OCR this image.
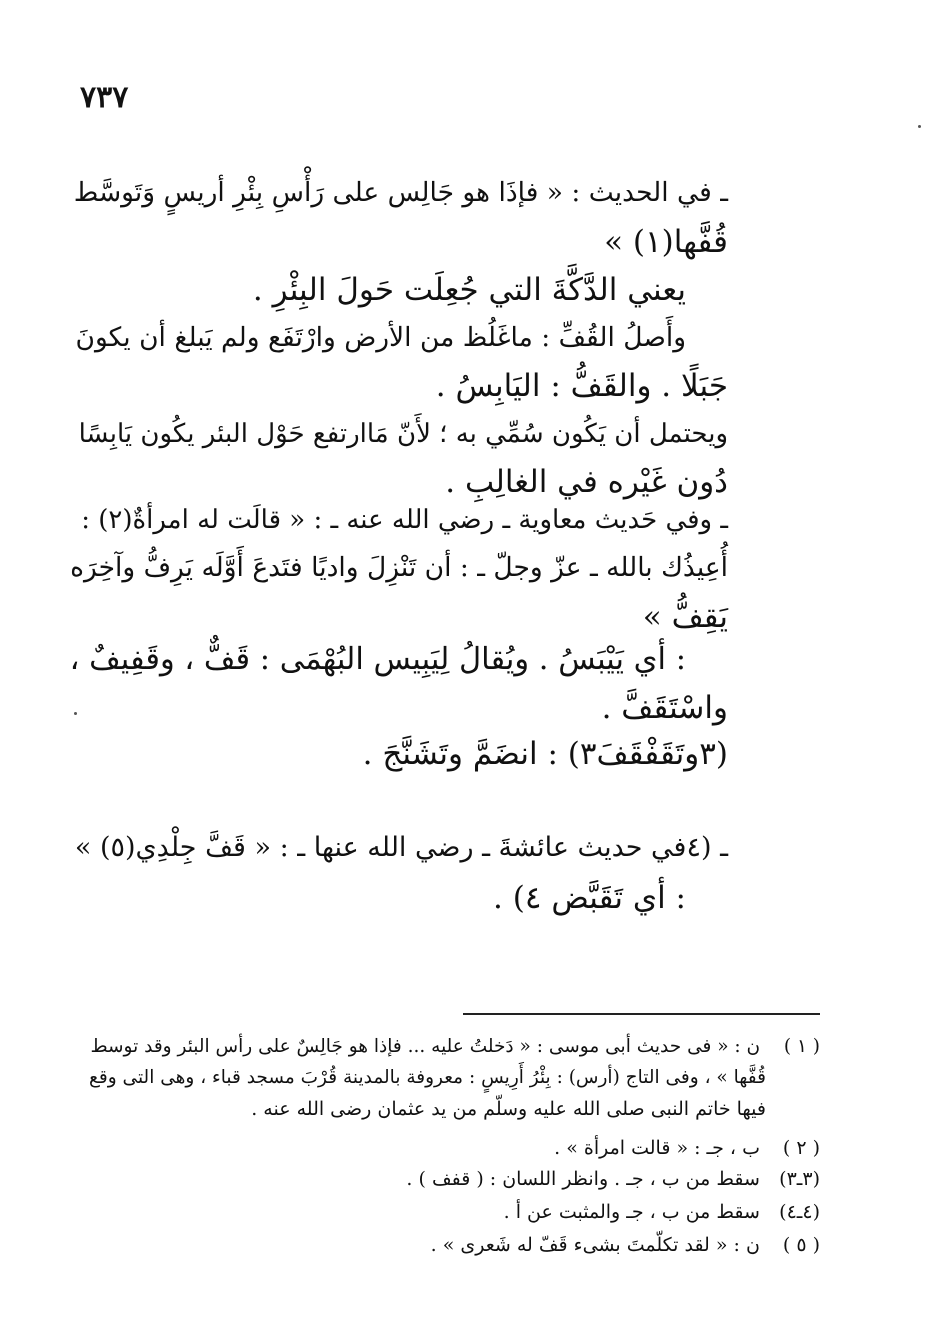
٧٣٧
ـ في الحديث : « فإذَا هو جَالِس على رَأْسِ بِئْرِ أريسٍ وَتَوسَّط
قُفَّها(١) »
يعني الدَّكَّةَ التي جُعِلَت حَولَ البِئْرِ .
وأَصلُ القُفِّ : ماغَلُظ من الأرض وارْتَفَع ولم يَبلغ أن يكونَ
جَبَلًا . والقَفُّ : اليَابِسُ .
ويحتمل أن يَكُون سُمِّي به ؛ لأَنّ مَاارتفع حَوْل البئر يكُون يَابِسًا
دُون غَيْره في الغالِبِ .
ـ وفي حَديث معاوية ـ رضي الله عنه ـ : « قالَت له امرأةٌ(٢) :
أُعِيذُك بالله ـ عزّ وجلّ ـ : أن تَنْزِلَ واديًا فتَدعَ أَوَّلَه يَرِفُّ وآخِرَه
يَقِفُّ »
: أي يَيْبَسُ . ويُقالُ لِيَبِيس البُهْمَى : قَفٌّ ، وقَفِيفٌ ،
واسْتَقَفَّ .
(٣وتَقَفْقَفَ٣) : انضَمَّ وتَشَنَّجَ .
ـ (٤في حديث عائشةَ ـ رضي الله عنها ـ : « قَفَّ جِلْدِي(٥) »
: أي تَقَبَّض ٤) .
( ١ ) ن : « فى حديث أبى موسى : « دَخلتُ عليه ... فإذا هو جَالِسٌ على رأس البئر وقد توسط
قُفَّها » ، وفى التاج (أرس) : بِئْرُ أَرِيسٍ : معروفة بالمدينة قُرْبَ مسجد قباء ، وهى التى وقع
فيها خاتم النبى صلى الله عليه وسلّم من يد عثمان رضى الله عنه .
( ٢ ) ب ، جـ : « قالت امرأة » .
(٣ـ٣) سقط من ب ، جـ . وانظر اللسان : ( قفف ) .
(٤ـ٤) سقط من ب ، جـ والمثبت عن أ .
( ٥ ) ن : « لقد تكلّمتَ بشىء قَفّ له شَعرى » .
